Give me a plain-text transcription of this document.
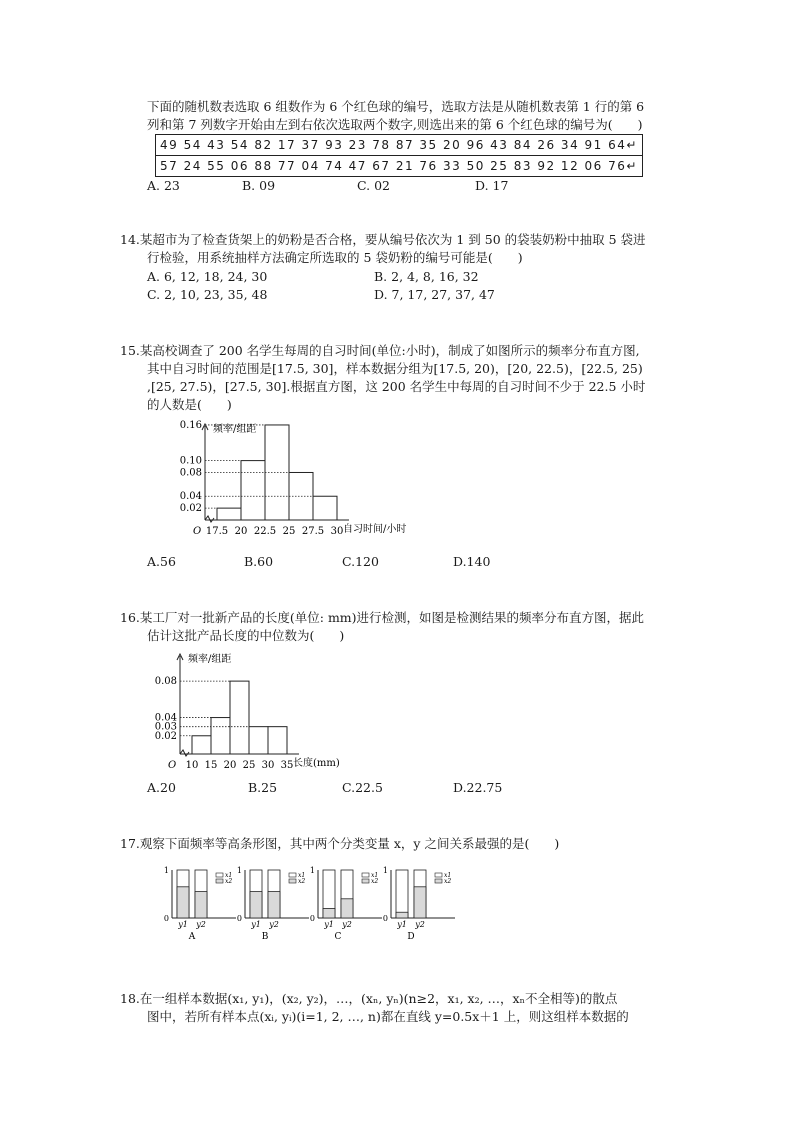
下面的随机数表选取 6 组数作为 6 个红色球的编号，选取方法是从随机数表第 1 行的第 6
列和第 7 列数字开始由左到右依次选取两个数字,则选出来的第 6 个红色球的编号为(　　)
49 54 43 54 82 17 37 93 23 78 87 35 20 96 43 84 26 34 91 64↵
57 24 55 06 88 77 04 74 47 67 21 76 33 50 25 83 92 12 06 76↵
A. 23	B. 09	C. 02	D. 17
14.某超市为了检查货架上的奶粉是否合格，要从编号依次为 1 到 50 的袋装奶粉中抽取 5 袋进
行检验，用系统抽样方法确定所选取的 5 袋奶粉的编号可能是(　　)
A. 6, 12, 18, 24, 30	B. 2, 4, 8, 16, 32
C. 2, 10, 23, 35, 48	D. 7, 17, 27, 37, 47
15.某高校调查了 200 名学生每周的自习时间(单位:小时)，制成了如图所示的频率分布直方图,
其中自习时间的范围是[17.5, 30]，样本数据分组为[17.5, 20)，[20, 22.5)，[22.5, 25)
,[25, 27.5)，[27.5, 30].根据直方图，这 200 名学生中每周的自习时间不少于 22.5 小时
的人数是(　　)
频率/组距
O	自习时间/小时
0.02
0.04
0.08
0.10
0.16
17.5 20 22.5 25 27.5 30
A.56	B.60	C.120	D.140
16.某工厂对一批新产品的长度(单位: mm)进行检测，如图是检测结果的频率分布直方图，据此
估计这批产品长度的中位数为(　　)
频率/组距
O	长度(mm)
0.02
0.03
0.04
0.08
10 15 20 25 30 35
A.20	B.25	C.22.5	D.22.75
17.观察下面频率等高条形图，其中两个分类变量 x，y 之间关系最强的是(　　)
1
0
y1 y2
x1
x2
A
1
0
y1 y2
x1
x2
B
1
0
y1 y2
x1
x2
C
1
0
y1 y2
x1
x2
D
18.在一组样本数据(x₁, y₁)，(x₂, y₂)，…，(xₙ, yₙ)(n≥2，x₁, x₂, …，xₙ不全相等)的散点
图中，若所有样本点(xᵢ, yᵢ)(i=1, 2, …, n)都在直线 y=0.5x＋1 上，则这组样本数据的
